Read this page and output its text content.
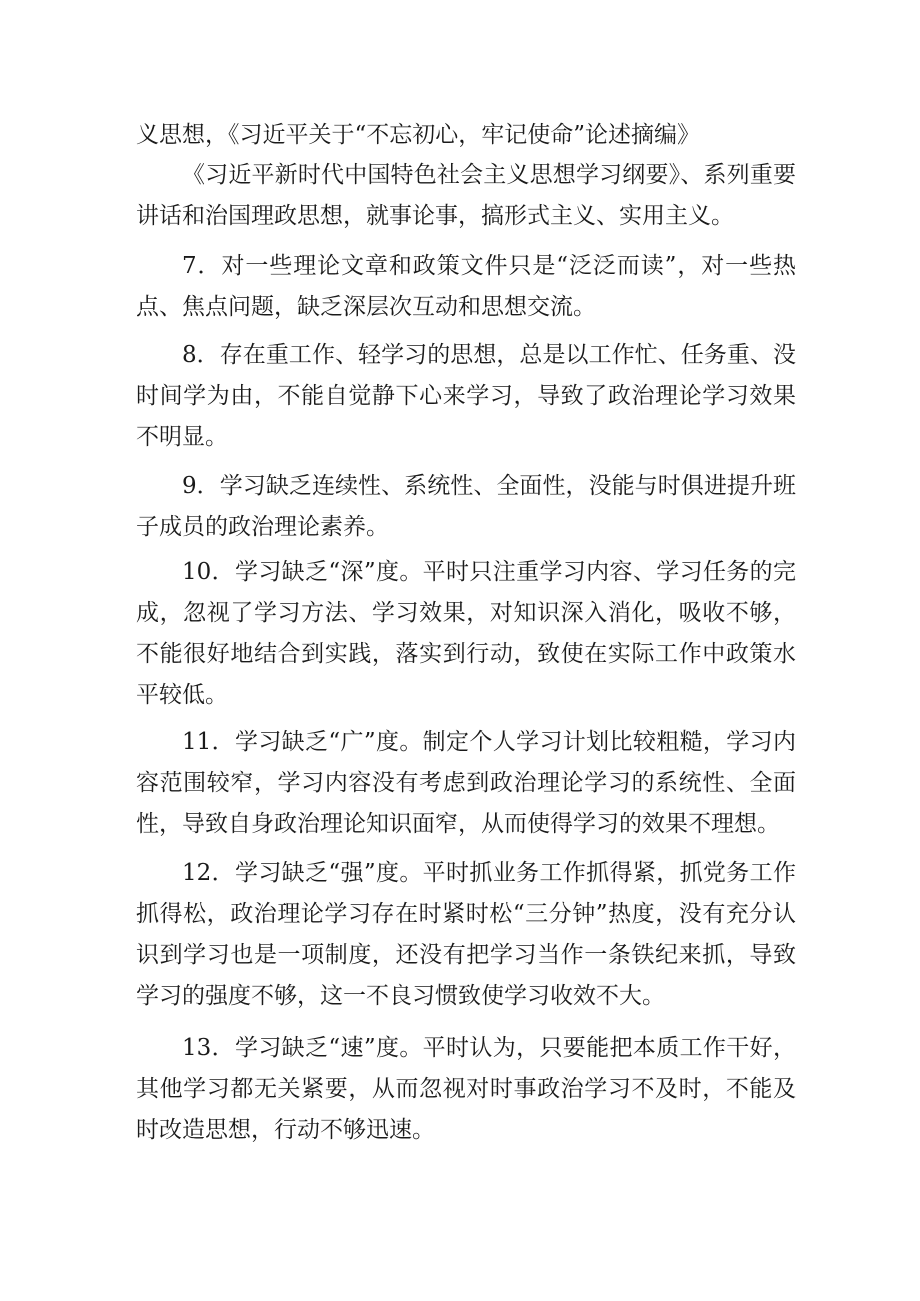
义思想，《习近平关于“不忘初心，牢记使命”论述摘编》

《习近平新时代中国特色社会主义思想学习纲要》、系列重要讲话和治国理政思想，就事论事，搞形式主义、实用主义。

7．对一些理论文章和政策文件只是“泛泛而读”，对一些热点、焦点问题，缺乏深层次互动和思想交流。

8．存在重工作、轻学习的思想，总是以工作忙、任务重、没时间学为由，不能自觉静下心来学习，导致了政治理论学习效果不明显。

9．学习缺乏连续性、系统性、全面性，没能与时俱进提升班子成员的政治理论素养。

10．学习缺乏“深”度。平时只注重学习内容、学习任务的完成，忽视了学习方法、学习效果，对知识深入消化，吸收不够，不能很好地结合到实践，落实到行动，致使在实际工作中政策水平较低。

11．学习缺乏“广”度。制定个人学习计划比较粗糙，学习内容范围较窄，学习内容没有考虑到政治理论学习的系统性、全面性，导致自身政治理论知识面窄，从而使得学习的效果不理想。

12．学习缺乏“强”度。平时抓业务工作抓得紧，抓党务工作抓得松，政治理论学习存在时紧时松“三分钟”热度，没有充分认识到学习也是一项制度，还没有把学习当作一条铁纪来抓，导致学习的强度不够，这一不良习惯致使学习收效不大。

13．学习缺乏“速”度。平时认为，只要能把本质工作干好，其他学习都无关紧要，从而忽视对时事政治学习不及时，不能及时改造思想，行动不够迅速。
